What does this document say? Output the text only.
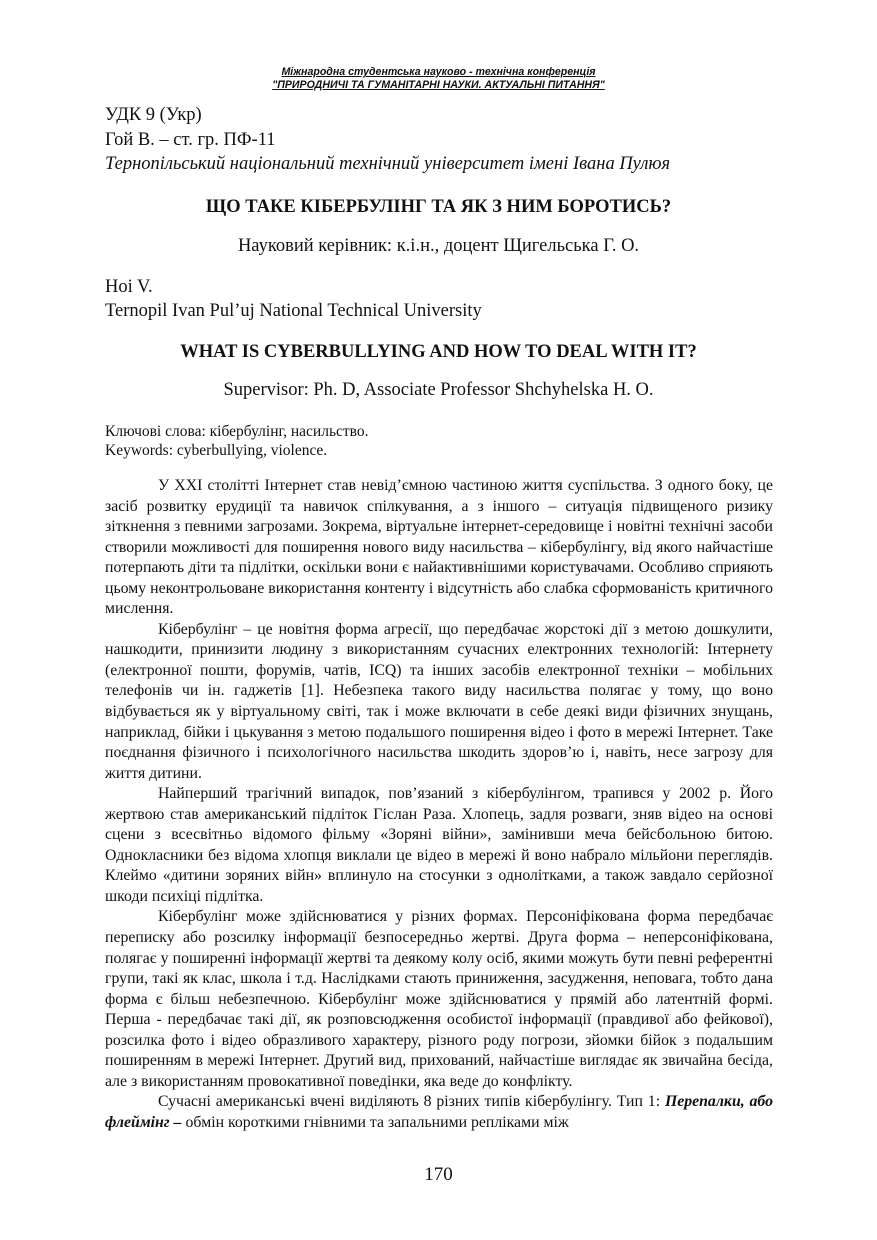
Міжнародна студентська науково - технічна конференція
"ПРИРОДНИЧІ ТА ГУМАНІТАРНІ НАУКИ. АКТУАЛЬНІ ПИТАННЯ"
УДК 9 (Укр)
Гой В. – ст. гр. ПФ-11
Тернопільський національний технічний університет імені Івана Пулюя
ЩО ТАКЕ КІБЕРБУЛІНГ ТА ЯК З НИМ БОРОТИСЬ?
Науковий керівник: к.і.н., доцент Щигельська Г. О.
Hoi V.
Ternopil Ivan Pul’uj National Technical University
WHAT IS CYBERBULLYING AND HOW TO DEAL WITH IT?
Supervisor: Ph. D, Associate Professor Shchyhelska H. O.
Ключові слова: кібербулінг, насильство.
Keywords: cyberbullying, violence.

У XXI столітті Інтернет став невід’ємною частиною життя суспільства. З одного боку, це засіб розвитку ерудиції та навичок спілкування, а з іншого – ситуація підвищеного ризику зіткнення з певними загрозами. Зокрема, віртуальне інтернет-середовище і новітні технічні засоби створили можливості для поширення нового виду насильства – кібербулінгу, від якого найчастіше потерпають діти та підлітки, оскільки вони є найактивнішими користувачами. Особливо сприяють цьому неконтрольоване використання контенту і відсутність або слабка сформованість критичного мислення.

Кібербулінг – це новітня форма агресії, що передбачає жорстокі дії з метою дошкулити, нашкодити, принизити людину з використанням сучасних електронних технологій: Інтернету (електронної пошти, форумів, чатів, ICQ) та інших засобів електронної техніки – мобільних телефонів чи ін. гаджетів [1]. Небезпека такого виду насильства полягає у тому, що воно відбувається як у віртуальному світі, так і може включати в себе деякі види фізичних знущань, наприклад, бійки і цькування з метою подальшого поширення відео і фото в мережі Інтернет. Таке поєднання фізичного і психологічного насильства шкодить здоров’ю і, навіть, несе загрозу для життя дитини.

Найперший трагічний випадок, пов’язаний з кібербулінгом, трапився у 2002 р. Його жертвою став американський підліток Гіслан Раза. Хлопець, задля розваги, зняв відео на основі сцени з всесвітньо відомого фільму «Зоряні війни», замінивши меча бейсбольною битою. Однокласники без відома хлопця виклали це відео в мережі й воно набрало мільйони переглядів. Клеймо «дитини зоряних війн» вплинуло на стосунки з однолітками, а також завдало серйозної шкоди психіці підлітка.

Кібербулінг може здійснюватися у різних формах. Персоніфікована форма передбачає переписку або розсилку інформації безпосередньо жертві. Друга форма – неперсоніфікована, полягає у поширенні інформації жертві та деякому колу осіб, якими можуть бути певні референтні групи, такі як клас, школа і т.д. Наслідками стають приниження, засудження, неповага, тобто дана форма є більш небезпечною. Кібербулінг може здійснюватися у прямій або латентній формі. Перша - передбачає такі дії, як розповсюдження особистої інформації (правдивої або фейкової), розсилка фото і відео образливого характеру, різного роду погрози, зйомки бійок з подальшим поширенням в мережі Інтернет. Другий вид, прихований, найчастіше виглядає як звичайна бесіда, але з використанням провокативної поведінки, яка веде до конфлікту.

Сучасні американські вчені виділяють 8 різних типів кібербулінгу. Тип 1: Перепалки, або флеймінг – обмін короткими гнівними та запальними репліками між

170
